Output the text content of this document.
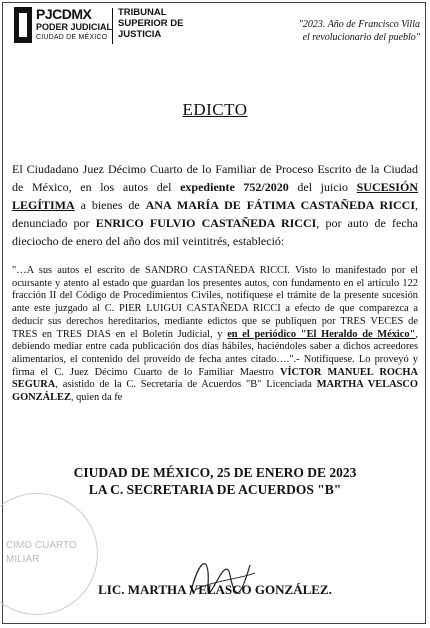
PJCDMX
PODER JUDICIAL
CIUDAD DE MÉXICO
TRIBUNAL
SUPERIOR DE
JUSTICIA
"2023. Año de Francisco Villa
el revolucionario del pueblo"
EDICTO
El Ciudadano Juez Décimo Cuarto de lo Familiar de Proceso Escrito de la Ciudad de México, en los autos del expediente 752/2020 del juicio SUCESIÓN LEGÍTIMA a bienes de ANA MARÍA DE FÁTIMA CASTAÑEDA RICCI, denunciado por ENRICO FULVIO CASTAÑEDA RICCI, por auto de fecha dieciocho de enero del año dos mil veintitrés, estableció:
"…A sus autos el escrito de SANDRO CASTAÑEDA RICCI. Visto lo manifestado por el ocursante y atento al estado que guardan los presentes autos, con fundamento en el artículo 122 fracción II del Código de Procedimientos Civiles, notifíquese el trámite de la presente sucesión ante este juzgado al C. PIER LUIGUI CASTAÑEDA RICCI a efecto de que comparezca a deducir sus derechos hereditarios, mediante edictos que se publiquen por TRES VECES de TRES en TRES DIAS en el Boletín Judicial, y en el periódico "El Heraldo de México", debiendo mediar entre cada publicación dos días hábiles, haciéndoles saber a dichos acreedores alimentarios, el contenido del proveído de fecha antes citado….".- Notifíquese. Lo proveyó y firma el C. Juez Décimo Cuarto de lo Familiar Maestro VÍCTOR MANUEL ROCHA SEGURA, asistido de la C. Secretaria de Acuerdos "B" Licenciada MARTHA VELASCO GONZÁLEZ, quien da fe
CIUDAD DE MÉXICO, 25 DE ENERO DE 2023
LA C. SECRETARIA DE ACUERDOS "B"
CIMO CUARTO
MILIAR
LIC. MARTHA VELASCO GONZÁLEZ.
